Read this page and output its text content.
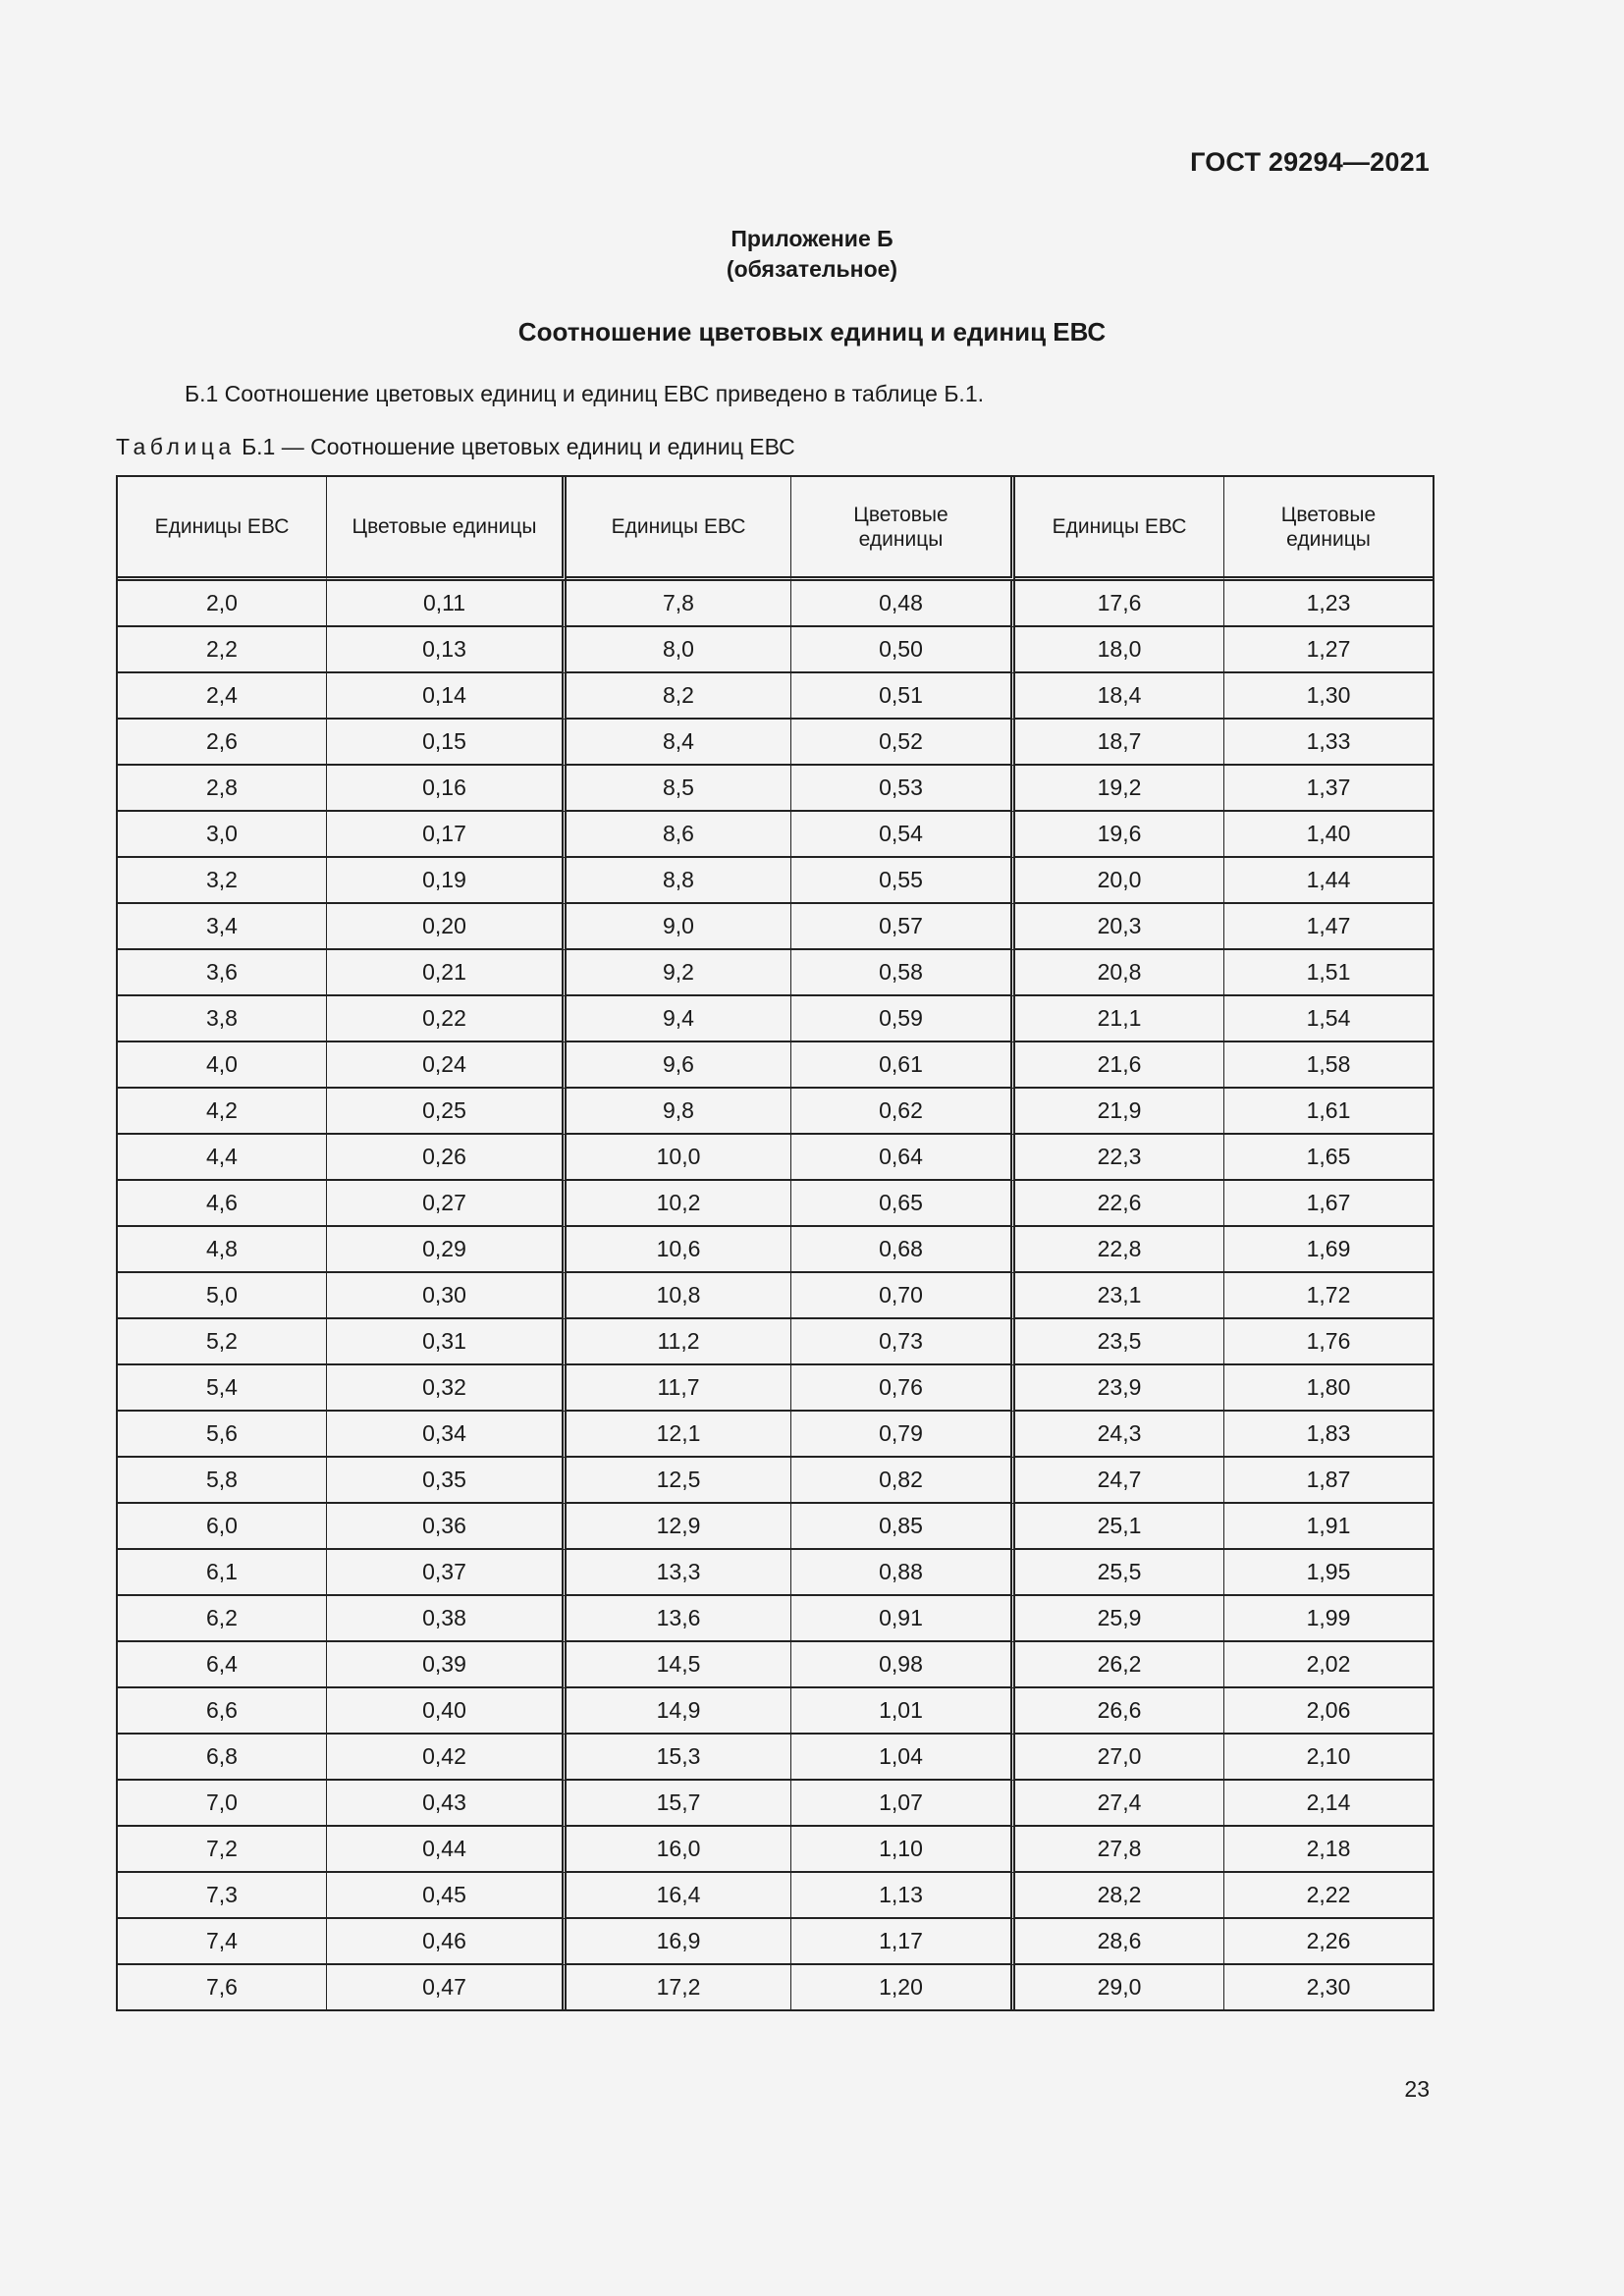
ГОСТ 29294—2021
Приложение Б
(обязательное)
Соотношение цветовых единиц и единиц ЕВС
Б.1 Соотношение цветовых единиц и единиц ЕВС приведено в таблице Б.1.
Таблица Б.1 — Соотношение цветовых единиц и единиц ЕВС
Единицы ЕВС	Цветовые единицы	Единицы ЕВС	Цветовые единицы	Единицы ЕВС	Цветовые единицы
2,0	0,11	7,8	0,48	17,6	1,23
2,2	0,13	8,0	0,50	18,0	1,27
2,4	0,14	8,2	0,51	18,4	1,30
2,6	0,15	8,4	0,52	18,7	1,33
2,8	0,16	8,5	0,53	19,2	1,37
3,0	0,17	8,6	0,54	19,6	1,40
3,2	0,19	8,8	0,55	20,0	1,44
3,4	0,20	9,0	0,57	20,3	1,47
3,6	0,21	9,2	0,58	20,8	1,51
3,8	0,22	9,4	0,59	21,1	1,54
4,0	0,24	9,6	0,61	21,6	1,58
4,2	0,25	9,8	0,62	21,9	1,61
4,4	0,26	10,0	0,64	22,3	1,65
4,6	0,27	10,2	0,65	22,6	1,67
4,8	0,29	10,6	0,68	22,8	1,69
5,0	0,30	10,8	0,70	23,1	1,72
5,2	0,31	11,2	0,73	23,5	1,76
5,4	0,32	11,7	0,76	23,9	1,80
5,6	0,34	12,1	0,79	24,3	1,83
5,8	0,35	12,5	0,82	24,7	1,87
6,0	0,36	12,9	0,85	25,1	1,91
6,1	0,37	13,3	0,88	25,5	1,95
6,2	0,38	13,6	0,91	25,9	1,99
6,4	0,39	14,5	0,98	26,2	2,02
6,6	0,40	14,9	1,01	26,6	2,06
6,8	0,42	15,3	1,04	27,0	2,10
7,0	0,43	15,7	1,07	27,4	2,14
7,2	0,44	16,0	1,10	27,8	2,18
7,3	0,45	16,4	1,13	28,2	2,22
7,4	0,46	16,9	1,17	28,6	2,26
7,6	0,47	17,2	1,20	29,0	2,30
23
